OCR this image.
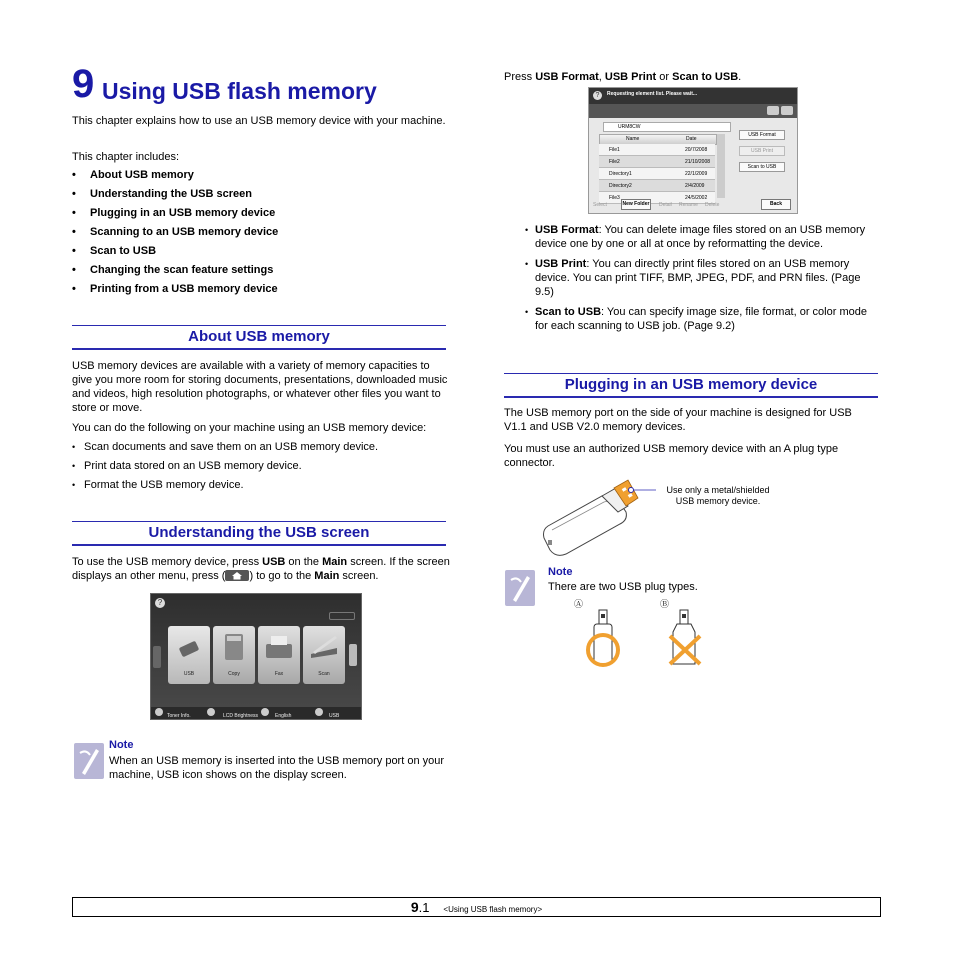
9 Using USB flash memory

This chapter explains how to use an USB memory device with your machine.

This chapter includes:

• About USB memory
• Understanding the USB screen
• Plugging in an USB memory device
• Scanning to an USB memory device
• Scan to USB
• Changing the scan feature settings
• Printing from a USB memory device
About USB memory

USB memory devices are available with a variety of memory capacities to give you more room for storing documents, presentations, downloaded music and videos, high resolution photographs, or whatever other files you want to store or move.

You can do the following on your machine using an USB memory device:

• Scan documents and save them on an USB memory device.
• Print data stored on an USB memory device.
• Format the USB memory device.
Understanding the USB screen

To use the USB memory device, press USB on the Main screen. If the screen displays an other menu, press ( ) to go to the Main screen.

?
USB	Copy	Fax	Scan
Toner Info.	LCD Brightness	English	USB
Note

When an USB memory is inserted into the USB memory port on your machine, USB icon shows on the display screen.

Press USB Format, USB Print or Scan to USB.

?	Requesting element list. Please wait...
URM8CW
Name	Date
File1	20/7/2008
File2	21/10/2008
Directory1	22/1/2009
Directory2	2/4/2009
File3	24/5/2002
USB Format
USB Print
Scan to USB
Select	New Folder	Detail Rename Delete	Back
• USB Format: You can delete image files stored on an USB memory device one by one or all at once by reformatting the device.
• USB Print: You can directly print files stored on an USB memory device. You can print TIFF, BMP, JPEG, PDF, and PRN files. (Page 9.5)
• Scan to USB: You can specify image size, file format, or color mode for each scanning to USB job. (Page 9.2)
Plugging in an USB memory device

The USB memory port on the side of your machine is designed for USB V1.1 and USB V2.0 memory devices.

You must use an authorized USB memory device with an A plug type connector.

Use only a metal/shielded
USB memory device.
Note

There are two USB plug types.

Ⓐ	Ⓑ
9.1 <Using USB flash memory>
